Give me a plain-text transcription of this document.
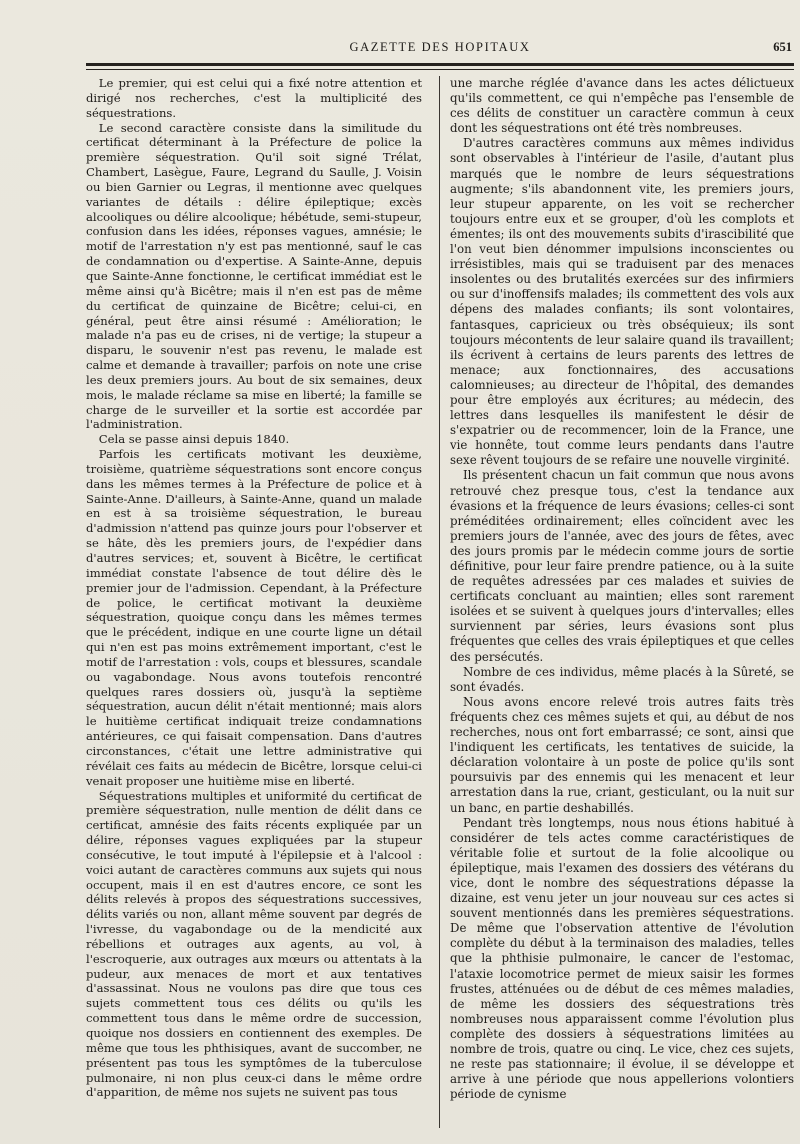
GAZETTE DES HOPITAUX	651

Le premier, qui est celui qui a fixé notre attention et dirigé nos recherches, c'est la multiplicité des séquestrations.

Le second caractère consiste dans la similitude du certificat déterminant à la Préfecture de police la première séquestration. Qu'il soit signé Trélat, Chambert, Lasègue, Faure, Legrand du Saulle, J. Voisin ou bien Garnier ou Legras, il mentionne avec quelques variantes de détails : délire épileptique; excès alcooliques ou délire alcoolique; hébétude, semi-stupeur, confusion dans les idées, réponses vagues, amnésie; le motif de l'arrestation n'y est pas mentionné, sauf le cas de condamnation ou d'expertise. A Sainte-Anne, depuis que Sainte-Anne fonctionne, le certificat immédiat est le même ainsi qu'à Bicêtre; mais il n'en est pas de même du certificat de quinzaine de Bicêtre; celui-ci, en général, peut être ainsi résumé : Amélioration; le malade n'a pas eu de crises, ni de vertige; la stupeur a disparu, le souvenir n'est pas revenu, le malade est calme et demande à travailler; parfois on note une crise les deux premiers jours. Au bout de six semaines, deux mois, le malade réclame sa mise en liberté; la famille se charge de le surveiller et la sortie est accordée par l'administration.

Cela se passe ainsi depuis 1840.

Parfois les certificats motivant les deuxième, troisième, quatrième séquestrations sont encore conçus dans les mêmes termes à la Préfecture de police et à Sainte-Anne. D'ailleurs, à Sainte-Anne, quand un malade en est à sa troisième séquestration, le bureau d'admission n'attend pas quinze jours pour l'observer et se hâte, dès les premiers jours, de l'expédier dans d'autres services; et, souvent à Bicêtre, le certificat immédiat constate l'absence de tout délire dès le premier jour de l'admission. Cependant, à la Préfecture de police, le certificat motivant la deuxième séquestration, quoique conçu dans les mêmes termes que le précédent, indique en une courte ligne un détail qui n'en est pas moins extrêmement important, c'est le motif de l'arrestation : vols, coups et blessures, scandale ou vagabondage. Nous avons toutefois rencontré quelques rares dossiers où, jusqu'à la septième séquestration, aucun délit n'était mentionné; mais alors le huitième certificat indiquait treize condamnations antérieures, ce qui faisait compensation. Dans d'autres circonstances, c'était une lettre administrative qui révélait ces faits au médecin de Bicêtre, lorsque celui-ci venait proposer une huitième mise en liberté.

Séquestrations multiples et uniformité du certificat de première séquestration, nulle mention de délit dans ce certificat, amnésie des faits récents expliquée par un délire, réponses vagues expliquées par la stupeur consécutive, le tout imputé à l'épilepsie et à l'alcool : voici autant de caractères communs aux sujets qui nous occupent, mais il en est d'autres encore, ce sont les délits relevés à propos des séquestrations successives, délits variés ou non, allant même souvent par degrés de l'ivresse, du vagabondage ou de la mendicité aux rébellions et outrages aux agents, au vol, à l'escroquerie, aux outrages aux mœurs ou attentats à la pudeur, aux menaces de mort et aux tentatives d'assassinat. Nous ne voulons pas dire que tous ces sujets commettent tous ces délits ou qu'ils les commettent tous dans le même ordre de succession, quoique nos dossiers en contiennent des exemples. De même que tous les phthisiques, avant de succomber, ne présentent pas tous les symptômes de la tuberculose pulmonaire, ni non plus ceux-ci dans le même ordre d'apparition, de même nos sujets ne suivent pas tous

une marche réglée d'avance dans les actes délictueux qu'ils commettent, ce qui n'empêche pas l'ensemble de ces délits de constituer un caractère commun à ceux dont les séquestrations ont été très nombreuses.

D'autres caractères communs aux mêmes individus sont observables à l'intérieur de l'asile, d'autant plus marqués que le nombre de leurs séquestrations augmente; s'ils abandonnent vite, les premiers jours, leur stupeur apparente, on les voit se rechercher toujours entre eux et se grouper, d'où les complots et émentes; ils ont des mouvements subits d'irascibilité que l'on veut bien dénommer impulsions inconscientes ou irrésistibles, mais qui se traduisent par des menaces insolentes ou des brutalités exercées sur des infirmiers ou sur d'inoffensifs malades; ils commettent des vols aux dépens des malades confiants; ils sont volontaires, fantasques, capricieux ou très obséquieux; ils sont toujours mécontents de leur salaire quand ils travaillent; ils écrivent à certains de leurs parents des lettres de menace; aux fonctionnaires, des accusations calomnieuses; au directeur de l'hôpital, des demandes pour être employés aux écritures; au médecin, des lettres dans lesquelles ils manifestent le désir de s'expatrier ou de recommencer, loin de la France, une vie honnête, tout comme leurs pendants dans l'autre sexe rêvent toujours de se refaire une nouvelle virginité.

Ils présentent chacun un fait commun que nous avons retrouvé chez presque tous, c'est la tendance aux évasions et la fréquence de leurs évasions; celles-ci sont préméditées ordinairement; elles coïncident avec les premiers jours de l'année, avec des jours de fêtes, avec des jours promis par le médecin comme jours de sortie définitive, pour leur faire prendre patience, ou à la suite de requêtes adressées par ces malades et suivies de certificats concluant au maintien; elles sont rarement isolées et se suivent à quelques jours d'intervalles; elles surviennent par séries, leurs évasions sont plus fréquentes que celles des vrais épileptiques et que celles des persécutés.

Nombre de ces individus, même placés à la Sûreté, se sont évadés.

Nous avons encore relevé trois autres faits très fréquents chez ces mêmes sujets et qui, au début de nos recherches, nous ont fort embarrassé; ce sont, ainsi que l'indiquent les certificats, les tentatives de suicide, la déclaration volontaire à un poste de police qu'ils sont poursuivis par des ennemis qui les menacent et leur arrestation dans la rue, criant, gesticulant, ou la nuit sur un banc, en partie deshabillés.

Pendant très longtemps, nous nous étions habitué à considérer de tels actes comme caractéristiques de véritable folie et surtout de la folie alcoolique ou épileptique, mais l'examen des dossiers des vétérans du vice, dont le nombre des séquestrations dépasse la dizaine, est venu jeter un jour nouveau sur ces actes si souvent mentionnés dans les premières séquestrations. De même que l'observation attentive de l'évolution complète du début à la terminaison des maladies, telles que la phthisie pulmonaire, le cancer de l'estomac, l'ataxie locomotrice permet de mieux saisir les formes frustes, atténuées ou de début de ces mêmes maladies, de même les dossiers des séquestrations très nombreuses nous apparaissent comme l'évolution plus complète des dossiers à séquestrations limitées au nombre de trois, quatre ou cinq. Le vice, chez ces sujets, ne reste pas stationnaire; il évolue, il se développe et arrive à une période que nous appellerions volontiers période de cynisme
